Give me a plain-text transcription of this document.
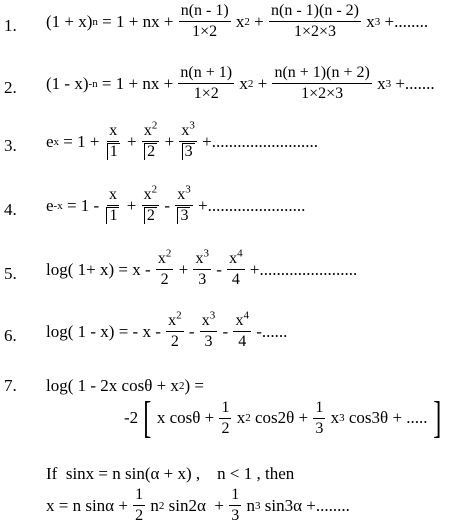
1. (1 + x) n = 1 + nx + $\frac{n(n - 1)}{1\times 2}$ x $2 + \frac{n(n - 1)(n - 2)}{1\times 2\times 3}$ x 3 +........
2. (1 - x) -n = 1 + nx + $\frac{n(n + 1)}{1\times 2}$ x $2 + \frac{n(n + 1)(n + 2)}{1\times 2\times 3}$ x 3 +.......
3. e $x = 1 + \frac{x}{1} + \frac{x^2}{2} + \frac{x^3}{3}$ +.........................
4. e $-x = 1 - \frac{x}{1} + \frac{x^2}{2} - \frac{x^3}{3}$ +.......................
5. log( $1+ x) = x - \frac{x^2}{2} + \frac{x^3}{3} - \frac{x^4}{4}$ +.......................
6. log( 1 - x) = - x - $\frac{x^2}{2} - \frac{x^3}{3} - \frac{x^4}{4}$ -......
7. log( 1 - 2x cosθ + x 2 ) =
-2 [ x $\cos\theta + \frac{1}{2}$ x 2 $\cos 2\theta + \frac{1}{3}$ x 3 cos3θ + ..... ]
If  sinx = n sin(α + x) ,    n < 1 , then
x = n $\sin\alpha + \frac{1}{2}$ n 2 $\sin 2\alpha + \frac{1}{3}$ n 3 sin3α +........
